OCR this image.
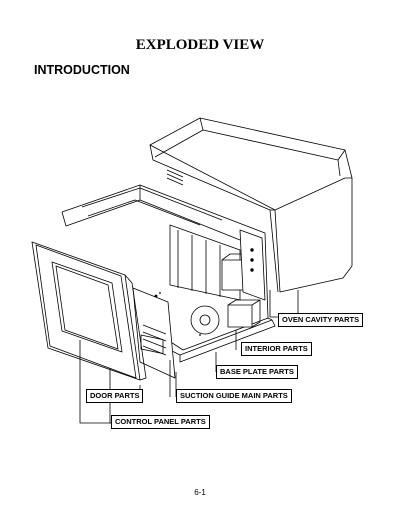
EXPLODED VIEW
INTRODUCTION
OVEN CAVITY PARTS
INTERIOR PARTS
BASE PLATE PARTS
DOOR PARTS	SUCTION GUIDE MAIN PARTS
CONTROL PANEL PARTS
6-1
